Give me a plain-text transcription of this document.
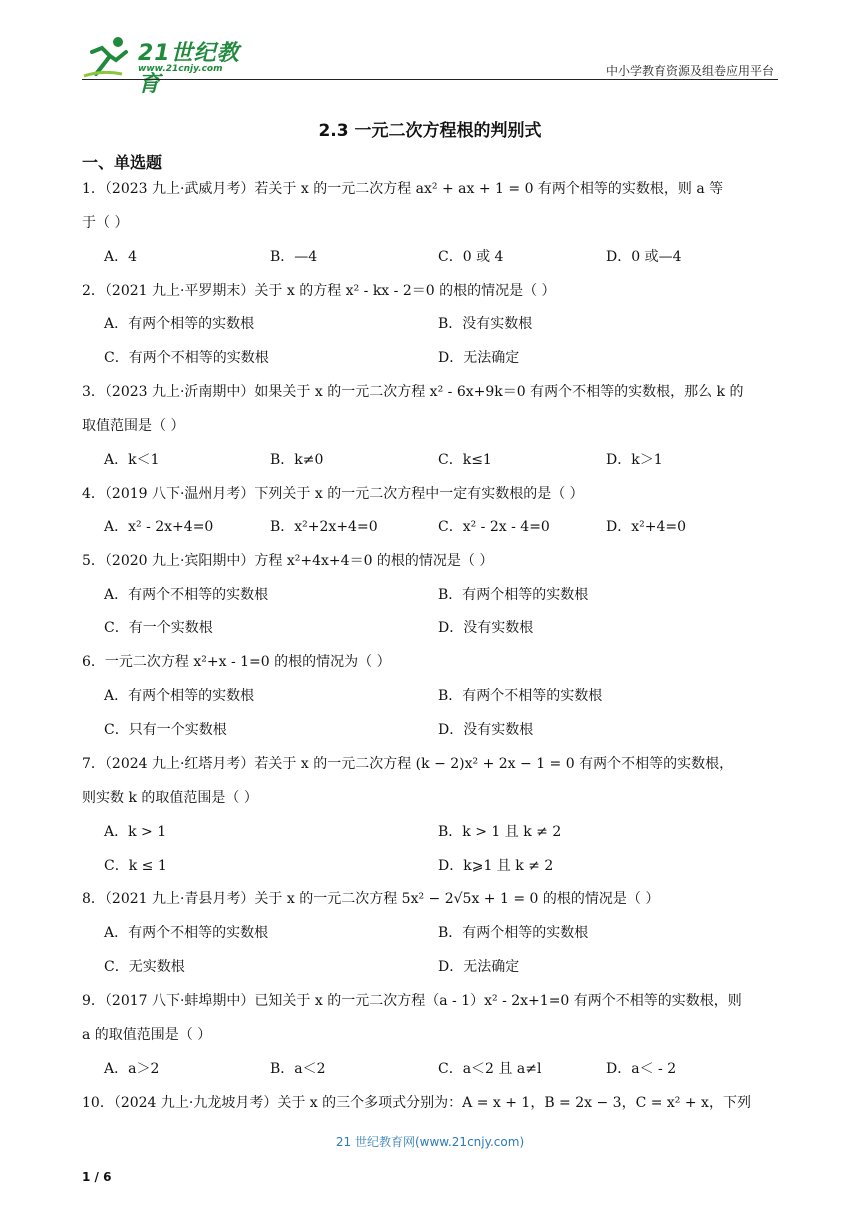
21世纪教育
www.21cnjy.com	中小学教育资源及组卷应用平台
2.3 一元二次方程根的判别式
一、单选题
1．（2023 九上·武威月考）若关于 x 的一元二次方程 ax² + ax + 1 = 0 有两个相等的实数根，则 a 等
于（ ）
A．4	B．—4	C．0 或 4	D．0 或—4
2．（2021 九上·平罗期末）关于 x 的方程 x² - kx - 2＝0 的根的情况是（ ）
A．有两个相等的实数根	B．没有实数根
C．有两个不相等的实数根	D．无法确定
3．（2023 九上·沂南期中）如果关于 x 的一元二次方程 x² - 6x+9k＝0 有两个不相等的实数根，那么 k 的
取值范围是（ ）
A．k＜1	B．k≠0	C．k≤1	D．k＞1
4．（2019 八下·温州月考）下列关于 x 的一元二次方程中一定有实数根的是（ ）
A．x² - 2x+4=0	B．x²+2x+4=0	C．x² - 2x - 4=0	D．x²+4=0
5．（2020 九上·宾阳期中）方程 x²+4x+4＝0 的根的情况是（ ）
A．有两个不相等的实数根	B．有两个相等的实数根
C．有一个实数根	D．没有实数根
6．一元二次方程 x²+x - 1=0 的根的情况为（ ）
A．有两个相等的实数根	B．有两个不相等的实数根
C．只有一个实数根	D．没有实数根
7．（2024 九上·红塔月考）若关于 x 的一元二次方程 (k − 2)x² + 2x − 1 = 0 有两个不相等的实数根，
则实数 k 的取值范围是（ ）
A．k > 1	B．k > 1 且 k ≠ 2
C．k ≤ 1	D．k⩾1 且 k ≠ 2
8．（2021 九上·青县月考）关于 x 的一元二次方程 5x² − 2√5x + 1 = 0 的根的情况是（ ）
A．有两个不相等的实数根	B．有两个相等的实数根
C．无实数根	D．无法确定
9．（2017 八下·蚌埠期中）已知关于 x 的一元二次方程（a - 1）x² - 2x+1=0 有两个不相等的实数根，则
a 的取值范围是（ ）
A．a＞2	B．a＜2	C．a＜2 且 a≠l	D．a＜ - 2
10．（2024 九上·九龙坡月考）关于 x 的三个多项式分别为：A = x + 1，B = 2x − 3，C = x² + x，下列
21 世纪教育网(www.21cnjy.com)
1 / 6
